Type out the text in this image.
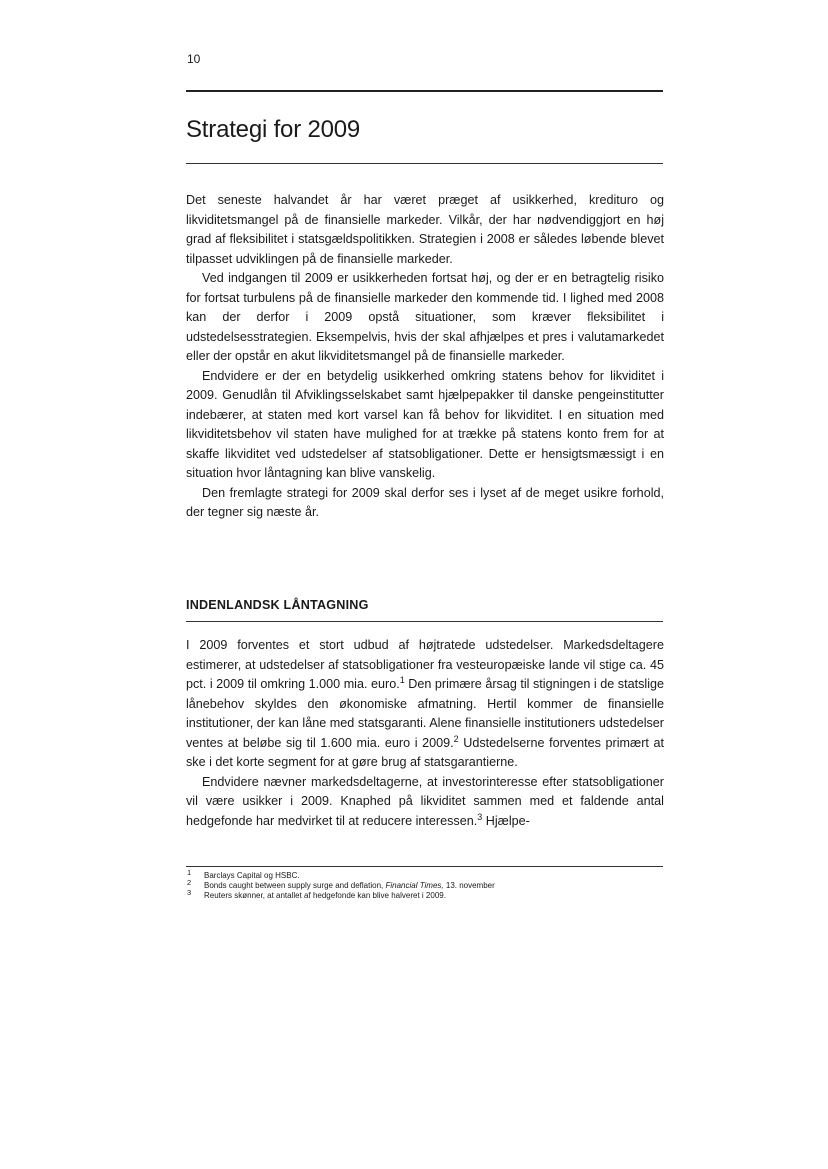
10
Strategi for 2009

Det seneste halvandet år har været præget af usikkerhed, kredituro og likviditetsmangel på de finansielle markeder. Vilkår, der har nødvendiggjort en høj grad af fleksibilitet i statsgældspolitikken. Strategien i 2008 er således løbende blevet tilpasset udviklingen på de finansielle markeder.

Ved indgangen til 2009 er usikkerheden fortsat høj, og der er en betragtelig risiko for fortsat turbulens på de finansielle markeder den kommende tid. I lighed med 2008 kan der derfor i 2009 opstå situationer, som kræver fleksibilitet i udstedelsesstrategien. Eksempelvis, hvis der skal afhjælpes et pres i valutamarkedet eller der opstår en akut likviditetsmangel på de finansielle markeder.

Endvidere er der en betydelig usikkerhed omkring statens behov for likviditet i 2009. Genudlån til Afviklingsselskabet samt hjælpepakker til danske pengeinstitutter indebærer, at staten med kort varsel kan få behov for likviditet. I en situation med likviditetsbehov vil staten have mulighed for at trække på statens konto frem for at skaffe likviditet ved udstedelser af statsobligationer. Dette er hensigtsmæssigt i en situation hvor låntagning kan blive vanskelig.

Den fremlagte strategi for 2009 skal derfor ses i lyset af de meget usikre forhold, der tegner sig næste år.

INDENLANDSK LÅNTAGNING

I 2009 forventes et stort udbud af højtratede udstedelser. Markedsdeltagere estimerer, at udstedelser af statsobligationer fra vesteuropæiske lande vil stige ca. 45 pct. i 2009 til omkring 1.000 mia. euro.$^1$ Den primære årsag til stigningen i de statslige lånebehov skyldes den økonomiske afmatning. Hertil kommer de finansielle institutioner, der kan låne med statsgaranti. Alene finansielle institutioners udstedelser ventes at beløbe sig til 1.600 mia. euro i 2009.$^2$ Udstedelserne forventes primært at ske i det korte segment for at gøre brug af statsgarantierne.

Endvidere nævner markedsdeltagerne, at investorinteresse efter statsobligationer vil være usikker i 2009. Knaphed på likviditet sammen med et faldende antal hedgefonde har medvirket til at reducere interessen.$^3$ Hjælpe-

1 Barclays Capital og HSBC.
2 Bonds caught between supply surge and deflation, Financial Times, 13. november
3 Reuters skønner, at antallet af hedgefonde kan blive halveret i 2009.
